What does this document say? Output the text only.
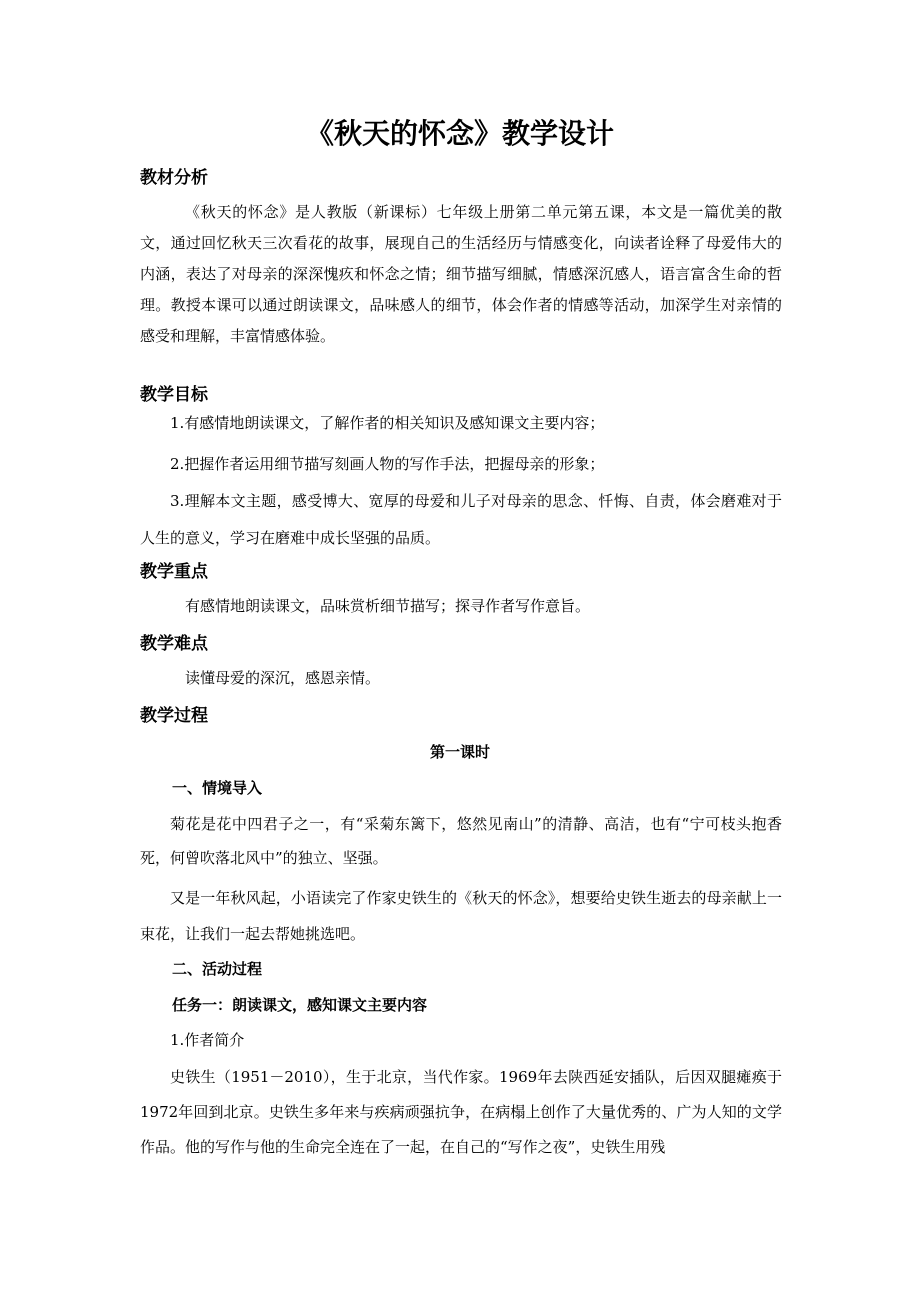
《秋天的怀念》教学设计
教材分析

《秋天的怀念》是人教版（新课标）七年级上册第二单元第五课，本文是一篇优美的散文，通过回忆秋天三次看花的故事，展现自己的生活经历与情感变化，向读者诠释了母爱伟大的内涵，表达了对母亲的深深愧疚和怀念之情；细节描写细腻，情感深沉感人，语言富含生命的哲理。教授本课可以通过朗读课文，品味感人的细节，体会作者的情感等活动，加深学生对亲情的感受和理解，丰富情感体验。

教学目标

1.有感情地朗读课文，了解作者的相关知识及感知课文主要内容；

2.把握作者运用细节描写刻画人物的写作手法，把握母亲的形象；

3.理解本文主题，感受博大、宽厚的母爱和儿子对母亲的思念、忏悔、自责，体会磨难对于人生的意义，学习在磨难中成长坚强的品质。

教学重点

有感情地朗读课文，品味赏析细节描写；探寻作者写作意旨。

教学难点

读懂母爱的深沉，感恩亲情。

教学过程
第一课时
一、情境导入

菊花是花中四君子之一，有“采菊东篱下，悠然见南山”的清静、高洁，也有“宁可枝头抱香死，何曾吹落北风中”的独立、坚强。

又是一年秋风起，小语读完了作家史铁生的《秋天的怀念》，想要给史铁生逝去的母亲献上一束花，让我们一起去帮她挑选吧。

二、活动过程
任务一：朗读课文，感知课文主要内容

1.作者简介

史铁生（1951－2010），生于北京，当代作家。1969年去陕西延安插队，后因双腿瘫痪于1972年回到北京。史铁生多年来与疾病顽强抗争，在病榻上创作了大量优秀的、广为人知的文学作品。他的写作与他的生命完全连在了一起，在自己的“写作之夜”，史铁生用残
